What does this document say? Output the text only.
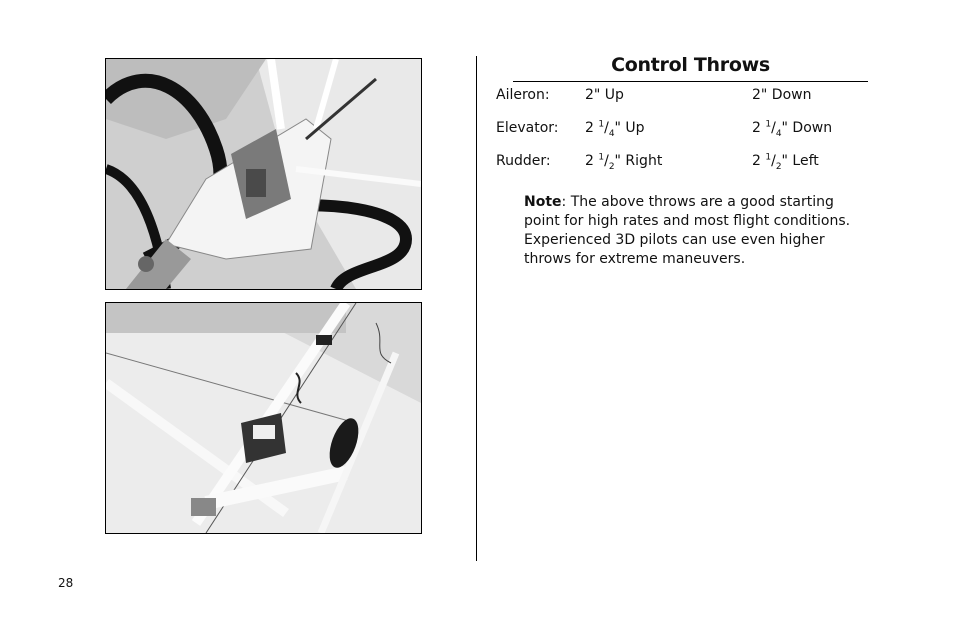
Control Throws
Aileron:	2" Up	2" Down
Elevator: 2 $^1/_4$" Up	2 $^1/_4$" Down
Rudder: 2 $^1/_2$" Right	2 $^1/_2$" Left
Note: The above throws are a good starting point for high rates and most flight conditions. Experienced 3D pilots can use even higher throws for extreme maneuvers.
28
